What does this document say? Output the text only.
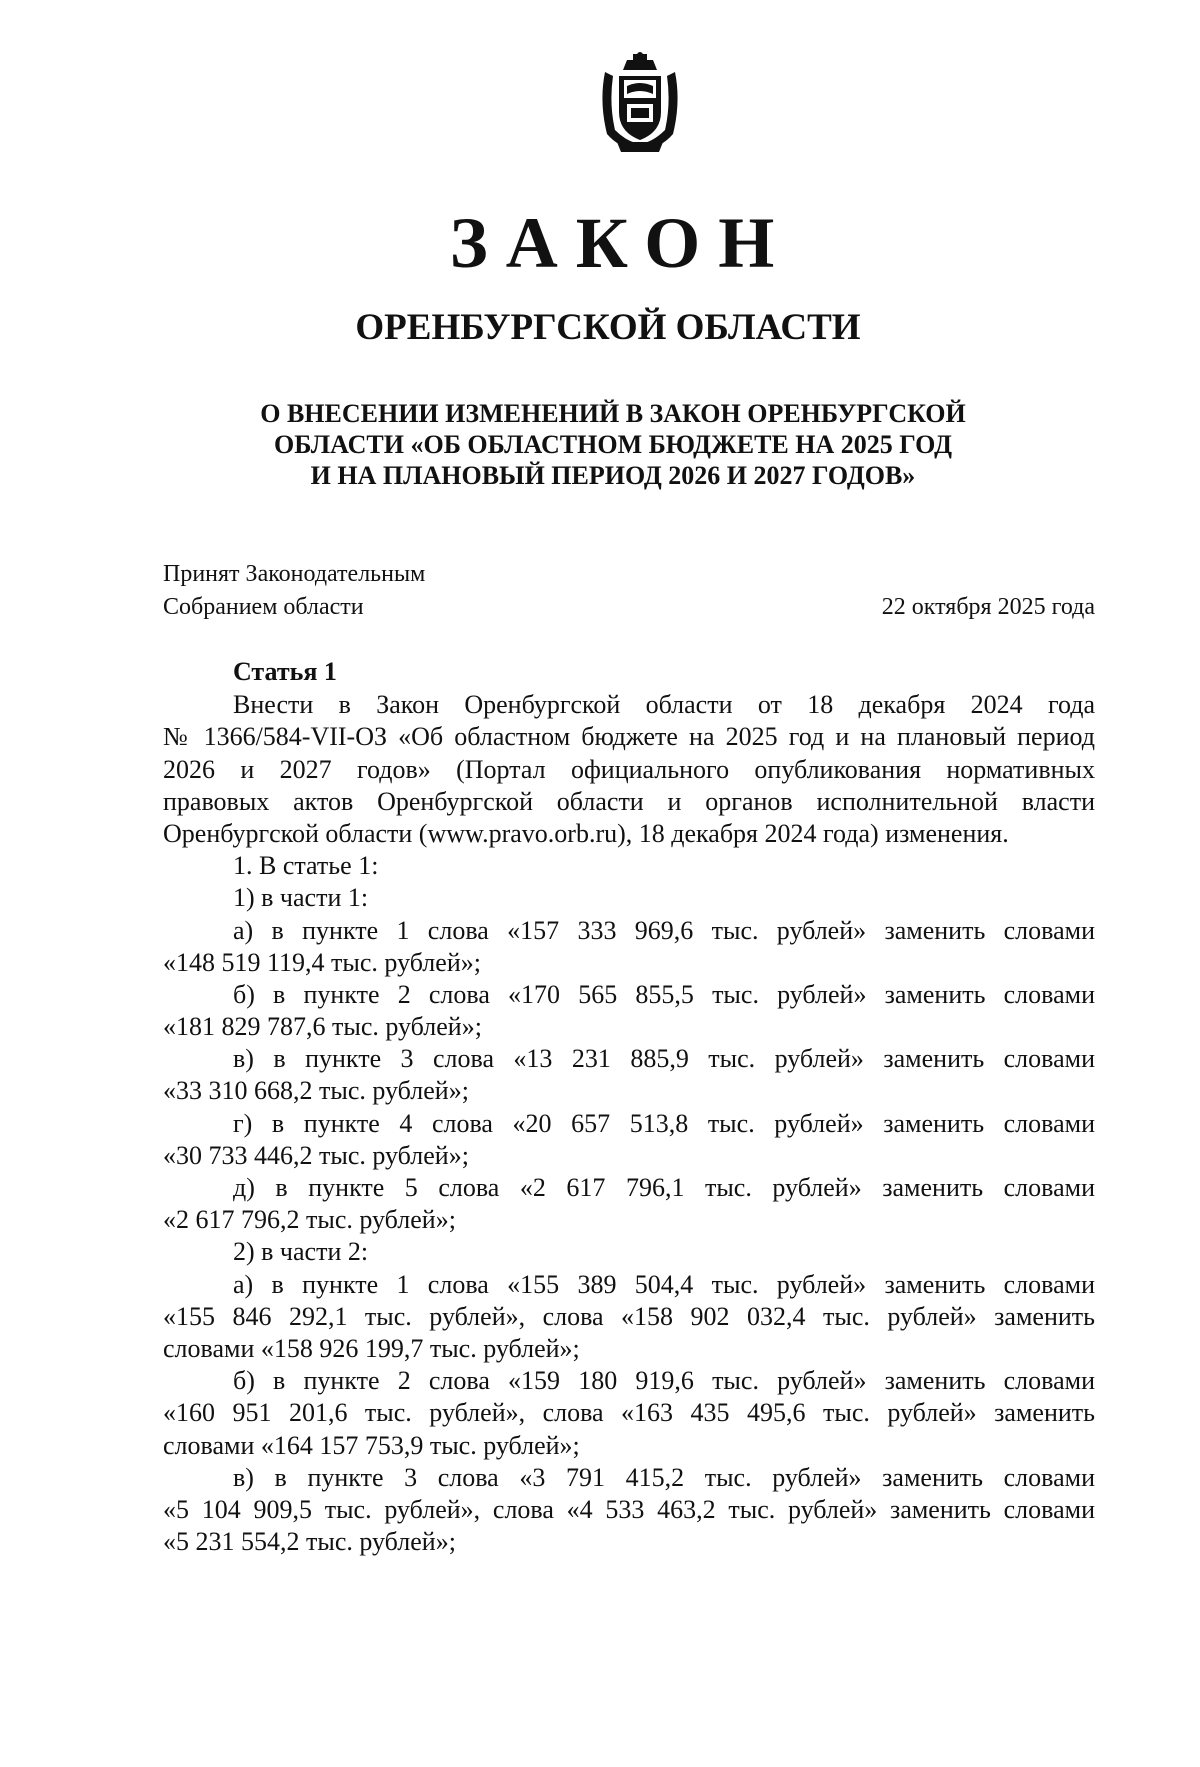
ЗАКОН
ОРЕНБУРГСКОЙ ОБЛАСТИ
О ВНЕСЕНИИ ИЗМЕНЕНИЙ В ЗАКОН ОРЕНБУРГСКОЙ
ОБЛАСТИ «ОБ ОБЛАСТНОМ БЮДЖЕТЕ НА 2025 ГОД
И НА ПЛАНОВЫЙ ПЕРИОД 2026 И 2027 ГОДОВ»
Принят Законодательным
Собранием области	22 октября 2025 года
Статья 1
Внести в Закон Оренбургской области от 18 декабря 2024 года
№ 1366/584-VII-ОЗ «Об областном бюджете на 2025 год и на плановый период
2026 и 2027 годов» (Портал официального опубликования нормативных
правовых актов Оренбургской области и органов исполнительной власти
Оренбургской области (www.pravo.orb.ru), 18 декабря 2024 года) изменения.
1. В статье 1:
1) в части 1:
а) в пункте 1 слова «157 333 969,6 тыс. рублей» заменить словами
«148 519 119,4 тыс. рублей»;
б) в пункте 2 слова «170 565 855,5 тыс. рублей» заменить словами
«181 829 787,6 тыс. рублей»;
в) в пункте 3 слова «13 231 885,9 тыс. рублей» заменить словами
«33 310 668,2 тыс. рублей»;
г) в пункте 4 слова «20 657 513,8 тыс. рублей» заменить словами
«30 733 446,2 тыс. рублей»;
д) в пункте 5 слова «2 617 796,1 тыс. рублей» заменить словами
«2 617 796,2 тыс. рублей»;
2) в части 2:
а) в пункте 1 слова «155 389 504,4 тыс. рублей» заменить словами
«155 846 292,1 тыс. рублей», слова «158 902 032,4 тыс. рублей» заменить
словами «158 926 199,7 тыс. рублей»;
б) в пункте 2 слова «159 180 919,6 тыс. рублей» заменить словами
«160 951 201,6 тыс. рублей», слова «163 435 495,6 тыс. рублей» заменить
словами «164 157 753,9 тыс. рублей»;
в) в пункте 3 слова «3 791 415,2 тыс. рублей» заменить словами
«5 104 909,5 тыс. рублей», слова «4 533 463,2 тыс. рублей» заменить словами
«5 231 554,2 тыс. рублей»;
